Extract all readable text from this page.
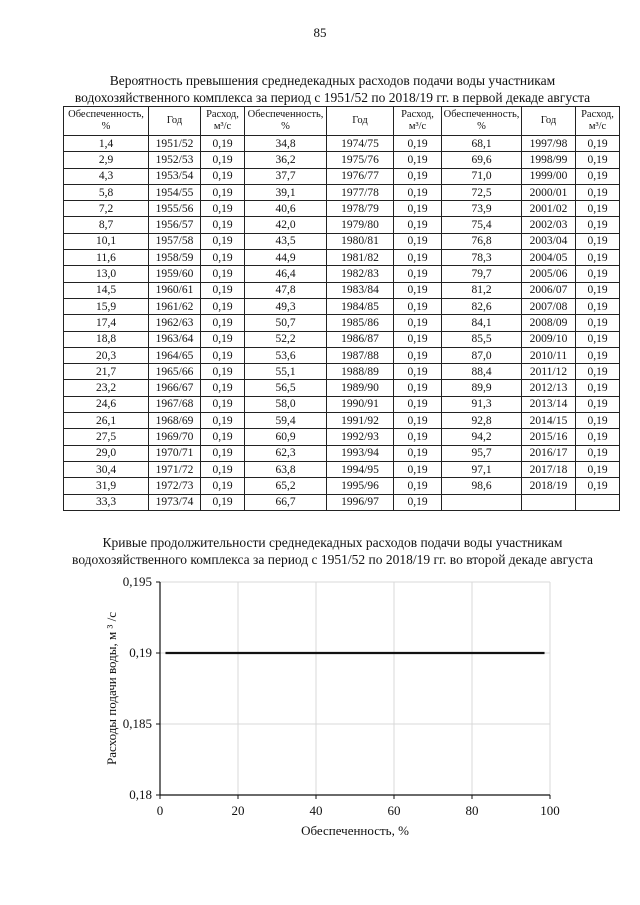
85
Вероятность превышения среднедекадных расходов подачи воды участникам
водохозяйственного комплекса за период с 1951/52 по 2018/19 гг. в первой декаде августа
Обеспеченность, %	Год	Расход, м³/с	Обеспеченность, %	Год	Расход, м³/с	Обеспеченность, %	Год	Расход, м³/с
1,4	1951/52	0,19	34,8	1974/75	0,19	68,1	1997/98	0,19
2,9	1952/53	0,19	36,2	1975/76	0,19	69,6	1998/99	0,19
4,3	1953/54	0,19	37,7	1976/77	0,19	71,0	1999/00	0,19
5,8	1954/55	0,19	39,1	1977/78	0,19	72,5	2000/01	0,19
7,2	1955/56	0,19	40,6	1978/79	0,19	73,9	2001/02	0,19
8,7	1956/57	0,19	42,0	1979/80	0,19	75,4	2002/03	0,19
10,1	1957/58	0,19	43,5	1980/81	0,19	76,8	2003/04	0,19
11,6	1958/59	0,19	44,9	1981/82	0,19	78,3	2004/05	0,19
13,0	1959/60	0,19	46,4	1982/83	0,19	79,7	2005/06	0,19
14,5	1960/61	0,19	47,8	1983/84	0,19	81,2	2006/07	0,19
15,9	1961/62	0,19	49,3	1984/85	0,19	82,6	2007/08	0,19
17,4	1962/63	0,19	50,7	1985/86	0,19	84,1	2008/09	0,19
18,8	1963/64	0,19	52,2	1986/87	0,19	85,5	2009/10	0,19
20,3	1964/65	0,19	53,6	1987/88	0,19	87,0	2010/11	0,19
21,7	1965/66	0,19	55,1	1988/89	0,19	88,4	2011/12	0,19
23,2	1966/67	0,19	56,5	1989/90	0,19	89,9	2012/13	0,19
24,6	1967/68	0,19	58,0	1990/91	0,19	91,3	2013/14	0,19
26,1	1968/69	0,19	59,4	1991/92	0,19	92,8	2014/15	0,19
27,5	1969/70	0,19	60,9	1992/93	0,19	94,2	2015/16	0,19
29,0	1970/71	0,19	62,3	1993/94	0,19	95,7	2016/17	0,19
30,4	1971/72	0,19	63,8	1994/95	0,19	97,1	2017/18	0,19
31,9	1972/73	0,19	65,2	1995/96	0,19	98,6	2018/19	0,19
33,3	1973/74	0,19	66,7	1996/97	0,19			
Кривые продолжительности среднедекадных расходов подачи воды участникам
водохозяйственного комплекса за период с 1951/52 по 2018/19 гг. во второй декаде августа
0	20	40	60	80	100
0,18
0,185
0,19
0,195
Обеспеченность, %
Расходы подачи воды, м ³ /с
